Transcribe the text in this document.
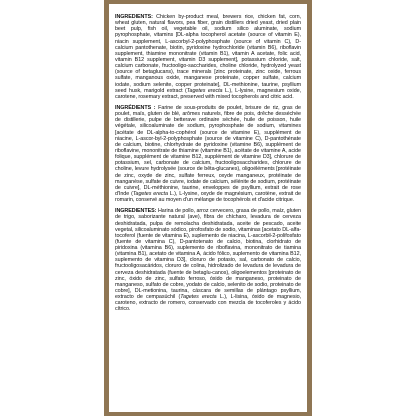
INGREDIENTS: Chicken by-product meal, brewers rice, chicken fat, corn, wheat gluten, natural flavors, pea fiber, grain distillers dried yeast, dried plain beet pulp, fish oil, vegetable oil, sodium silico aluminate, sodium pyrophosphate, vitamins [DL-alpha tocopherol acetate (source of vitamin E), niacin supplement, L-ascorbyl-2-polyphosphate (source of vitamin C), D-calcium pantothenate, biotin, pyridoxine hydrochloride (vitamin B6), riboflavin supplement, thiamine mononitrate (vitamin B1), vitamin A acetate, folic acid, vitamin B12 supplement, vitamin D3 supplement], potassium chloride, salt, calcium carbonate, fructooligo-saccharides, choline chloride, hydrolyzed yeast (source of betaglucans), trace minerals [zinc proteinate, zinc oxide, ferrous sulfate, manganous oxide, manganese proteinate, copper sulfate, calcium iodate, sodium selenite, copper proteinate], DL-methionine, taurine, psyllium seed husk, marigold extract (Tagetes erecta L.), L-lysine, magnesium oxide, carotene, rosemary extract, preserved with mixed tocopherols and citric acid.
INGRÉDIENTS : Farine de sous-produits de poulet, brisure de riz, gras de poulet, maïs, gluten de blé, arômes naturels, fibre de pois, drêche desséchée de distillerie, pulpe de betterave ordinaire séchée, huile de poisson, huile végétale, silicoaluminate de sodium, pyrophosphate de sodium, vitamines [acétate de DL-alpha-to-cophérol (source de vitamine E), supplément de niacine, L-ascor-byl-2-polyphosphate (source de vitamine C), D-pantothénate de calcium, biotine, chlorhydrate de pyridoxine (vitamine B6), supplément de riboflavine, mononitrate de thiamine (vitamine B1), acétate de vitamine A, acide folique, supplément de vitamine B12, supplément de vitamine D3], chlorure de potassium, sel, carbonate de calcium, fructooligosaccharides, chlorure de choline, levure hydrolysée (source de bêta-glucanes), oligoéléments [protéinate de zinc, oxyde de zinc, sulfate ferreux, oxyde manganeux, protéinate de manganèse, sulfate de cuivre, iodate de calcium, sélénite de sodium, protéinate de cuivre], DL-méthionine, taurine, enveloppes de psyllium, extrait de rose d'Inde (Tagetes erecta L.), L-lysine, oxyde de magnésium, carotène, extrait de romarin, conservé au moyen d'un mélange de tocophérols et d'acide citrique.
INGREDIENTES: Harina de pollo, arroz cervecero, grasa de pollo, maíz, gluten de trigo, saborizante natural (ave), fibra de chícharo, levadura de cerveza deshidratada, pulpa de remolacha deshidratada, aceite de pescado, aceite vegetal, silicoaluminato sódico, pirofosfato de sodio, vitaminas [acetato DL-alfa-tocoferol (fuente de vitamina E), suplemento de niacina, L-ascorbil-2-polifosfato (fuente de vitamina C), D-pantotenato de calcio, biotina, clorhidrato de piridoxina (vitamina B6), suplemento de riboflavina, mononitrato de tiamina (vitamina B1), acetato de vitamina A, ácido fólico, suplemento de vitamina B12, suplemento de vitamina D3], cloruro de potasio, sal, carbonato de calcio, fructooligosacáridos, cloruro de colina, hidrolizado de levadura de levadura de cerveza deshidratada (fuente de betaglu-canos), oligoelementos [proteinato de zinc, óxido de zinc, sulfato ferroso, óxido de manganeso, proteinato de manganeso, sulfato de cobre, yodato de calcio, selenito de sodio, proteinato de cobre], DL-metionina, taurina, cáscara de semillas de plántago psyllium, extracto de cempasúchil (Tagetes erecta L.), L-lisina, óxido de magnesio, caroteno, extracto de romero, conservado con mezcla de tocoferoles y ácido cítrico.
